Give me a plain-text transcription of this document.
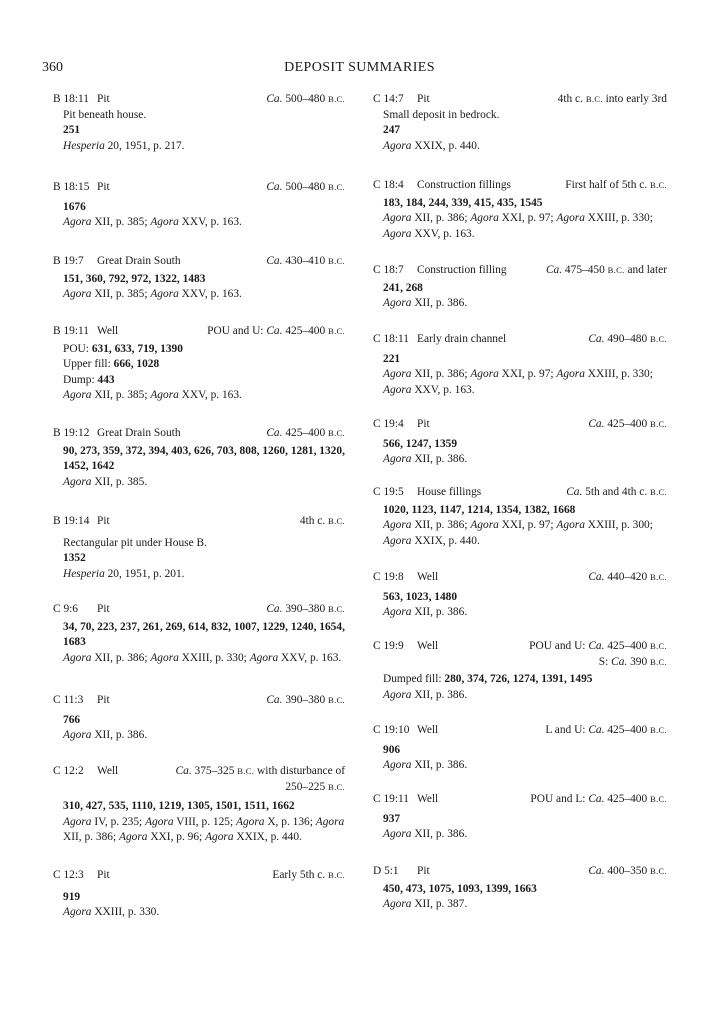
360	DEPOSIT SUMMARIES
B 18:11 Pit	Ca. 500–480 B.C.
Pit beneath house.
251
Hesperia 20, 1951, p. 217.
B 18:15 Pit	Ca. 500–480 B.C.
1676
Agora XII, p. 385; Agora XXV, p. 163.
B 19:7	Great Drain South	Ca. 430–410 B.C.
151, 360, 792, 972, 1322, 1483
Agora XII, p. 385; Agora XXV, p. 163.
B 19:11 Well	POU and U: Ca. 425–400 B.C.
POU: 631, 633, 719, 1390
Upper fill: 666, 1028
Dump: 443
Agora XII, p. 385; Agora XXV, p. 163.
B 19:12 Great Drain South	Ca. 425–400 B.C.
90, 273, 359, 372, 394, 403, 626, 703, 808, 1260, 1281, 1320, 1452, 1642
Agora XII, p. 385.
B 19:14 Pit	4th c. B.C.
Rectangular pit under House B.
1352
Hesperia 20, 1951, p. 201.
C 9:6	Pit	Ca. 390–380 B.C.
34, 70, 223, 237, 261, 269, 614, 832, 1007, 1229, 1240, 1654, 1683
Agora XII, p. 386; Agora XXIII, p. 330; Agora XXV, p. 163.
C 11:3	Pit	Ca. 390–380 B.C.
766
Agora XII, p. 386.
C 12:2	Well	Ca. 375–325 B.C. with disturbance of
250–225 B.C.
310, 427, 535, 1110, 1219, 1305, 1501, 1511, 1662
Agora IV, p. 235; Agora VIII, p. 125; Agora X, p. 136; Agora XII, p. 386; Agora XXI, p. 96; Agora XXIX, p. 440.
C 12:3	Pit	Early 5th c. B.C.
919
Agora XXIII, p. 330.
C 14:7	Pit	4th c. B.C. into early 3rd
Small deposit in bedrock.
247
Agora XXIX, p. 440.
C 18:4	Construction fillings	First half of 5th c. B.C.
183, 184, 244, 339, 415, 435, 1545
Agora XII, p. 386; Agora XXI, p. 97; Agora XXIII, p. 330; Agora XXV, p. 163.
C 18:7	Construction filling	Ca. 475–450 B.C. and later
241, 268
Agora XII, p. 386.
C 18:11 Early drain channel	Ca. 490–480 B.C.
221
Agora XII, p. 386; Agora XXI, p. 97; Agora XXIII, p. 330; Agora XXV, p. 163.
C 19:4	Pit	Ca. 425–400 B.C.
566, 1247, 1359
Agora XII, p. 386.
C 19:5	House fillings	Ca. 5th and 4th c. B.C.
1020, 1123, 1147, 1214, 1354, 1382, 1668
Agora XII, p. 386; Agora XXI, p. 97; Agora XXIII, p. 300; Agora XXIX, p. 440.
C 19:8	Well	Ca. 440–420 B.C.
563, 1023, 1480
Agora XII, p. 386.
C 19:9	Well	POU and U: Ca. 425–400 B.C.
S: Ca. 390 B.C.
Dumped fill: 280, 374, 726, 1274, 1391, 1495
Agora XII, p. 386.
C 19:10 Well	L and U: Ca. 425–400 B.C.
906
Agora XII, p. 386.
C 19:11 Well	POU and L: Ca. 425–400 B.C.
937
Agora XII, p. 386.
D 5:1	Pit	Ca. 400–350 B.C.
450, 473, 1075, 1093, 1399, 1663
Agora XII, p. 387.
